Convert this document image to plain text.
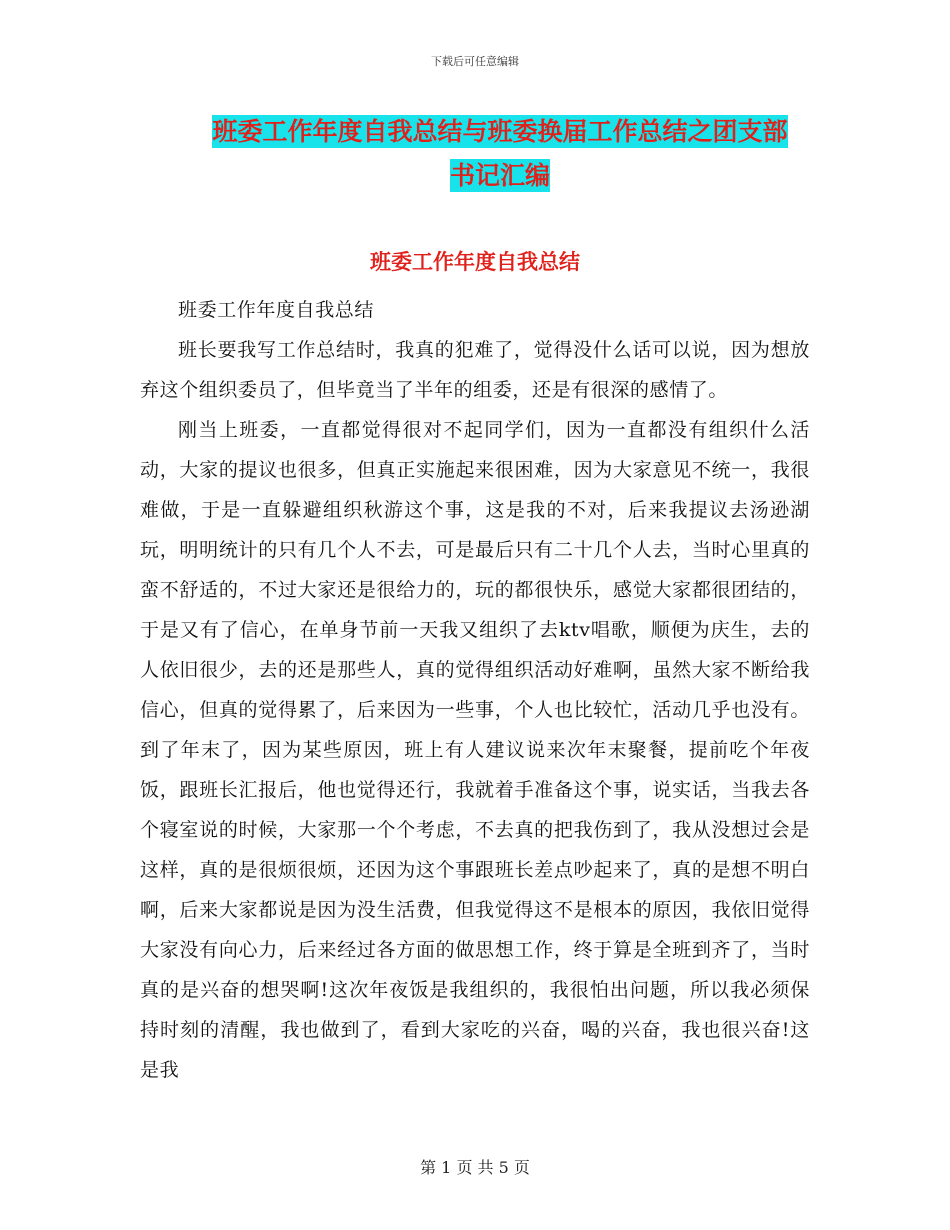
下载后可任意编辑
班委工作年度自我总结与班委换届工作总结之团支部
书记汇编
班委工作年度自我总结

班委工作年度自我总结

班长要我写工作总结时，我真的犯难了，觉得没什么话可以说，因为想放弃这个组织委员了，但毕竟当了半年的组委，还是有很深的感情了。

刚当上班委，一直都觉得很对不起同学们，因为一直都没有组织什么活动，大家的提议也很多，但真正实施起来很困难，因为大家意见不统一，我很难做，于是一直躲避组织秋游这个事，这是我的不对，后来我提议去汤逊湖玩，明明统计的只有几个人不去，可是最后只有二十几个人去，当时心里真的蛮不舒适的，不过大家还是很给力的，玩的都很快乐，感觉大家都很团结的，于是又有了信心，在单身节前一天我又组织了去ktv唱歌，顺便为庆生，去的人依旧很少，去的还是那些人，真的觉得组织活动好难啊，虽然大家不断给我信心，但真的觉得累了，后来因为一些事，个人也比较忙，活动几乎也没有。到了年末了，因为某些原因，班上有人建议说来次年末聚餐，提前吃个年夜饭，跟班长汇报后，他也觉得还行，我就着手准备这个事，说实话，当我去各个寝室说的时候，大家那一个个考虑，不去真的把我伤到了，我从没想过会是这样，真的是很烦很烦，还因为这个事跟班长差点吵起来了，真的是想不明白啊，后来大家都说是因为没生活费，但我觉得这不是根本的原因，我依旧觉得大家没有向心力，后来经过各方面的做思想工作，终于算是全班到齐了，当时真的是兴奋的想哭啊!这次年夜饭是我组织的，我很怕出问题，所以我必须保持时刻的清醒，我也做到了，看到大家吃的兴奋，喝的兴奋，我也很兴奋!这是我

第 1 页 共 5 页
